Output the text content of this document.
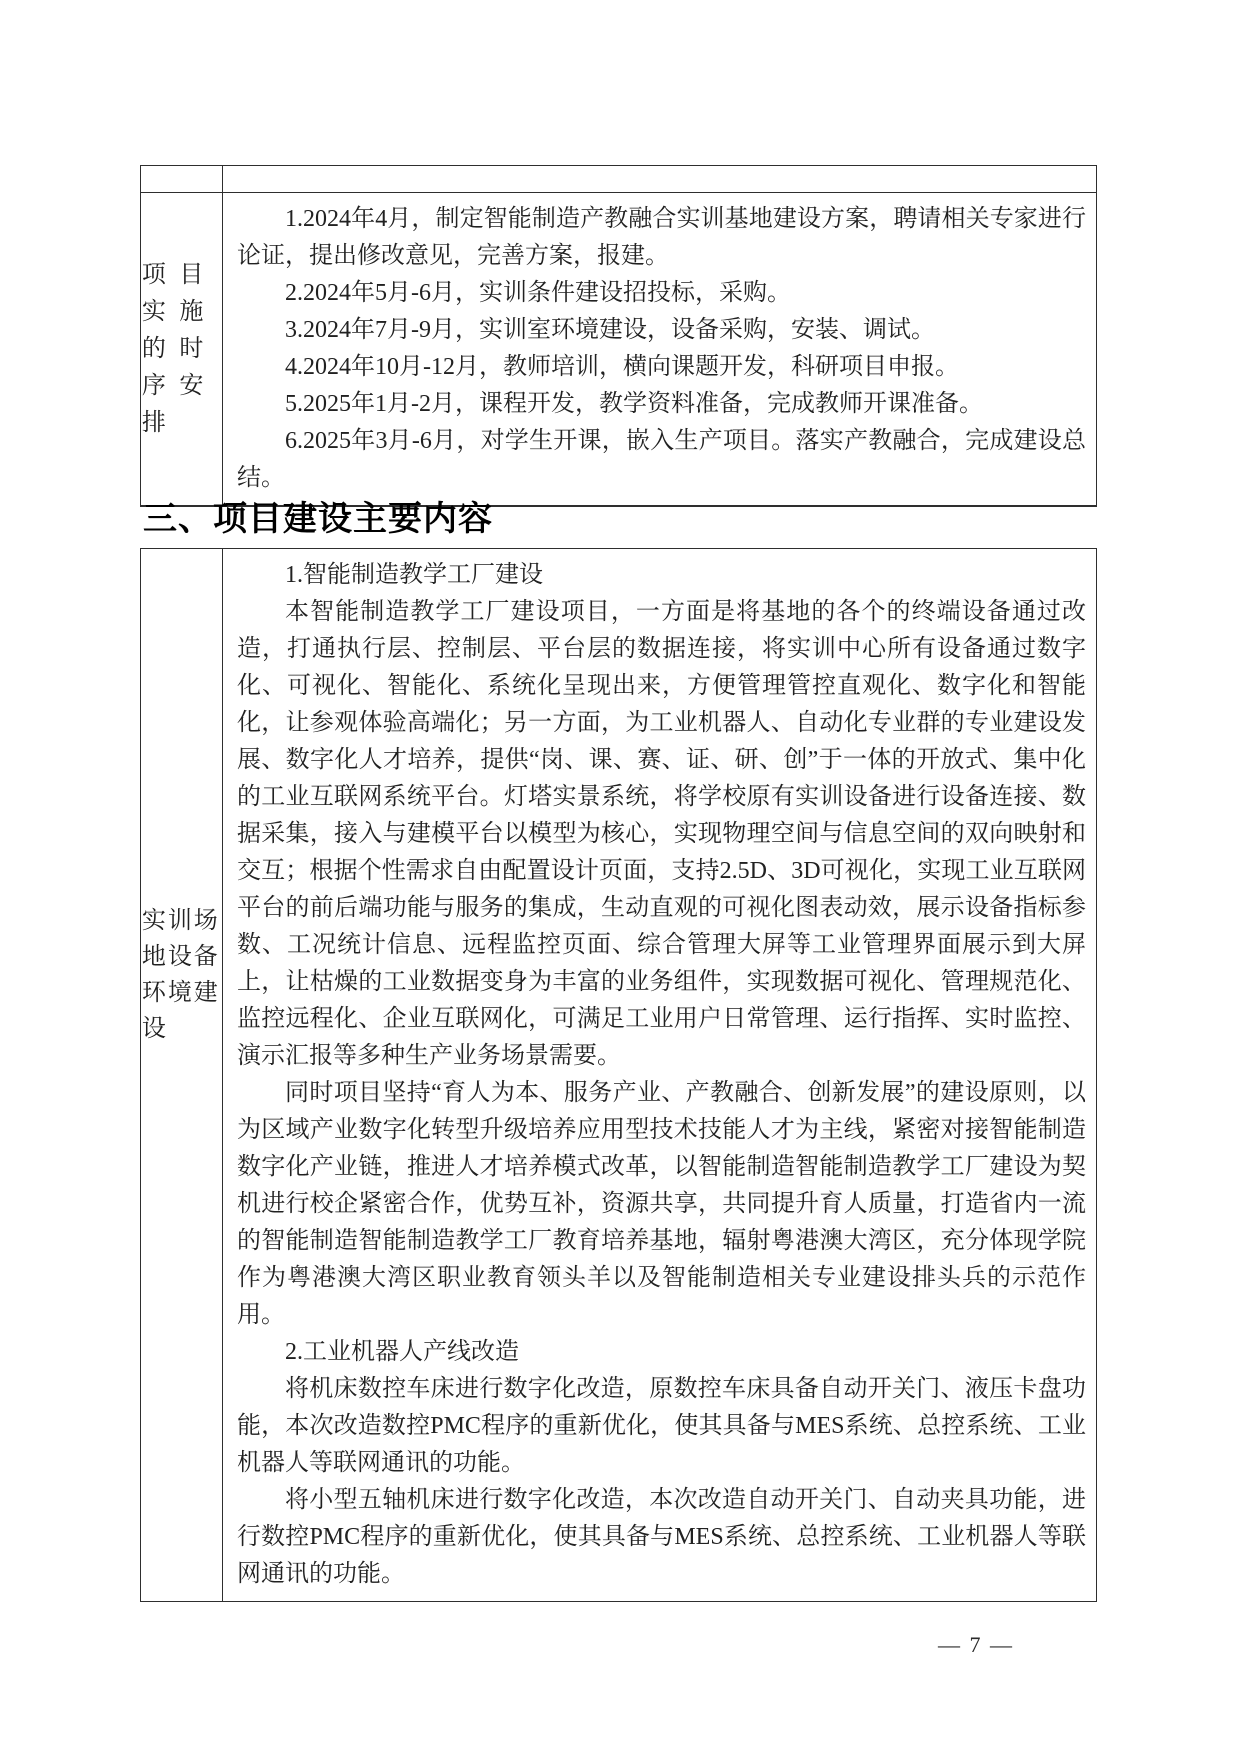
项目实施的时序安排

1.2024年4月，制定智能制造产教融合实训基地建设方案，聘请相关专家进行论证，提出修改意见，完善方案，报建。

2.2024年5月-6月，实训条件建设招投标，采购。

3.2024年7月-9月，实训室环境建设，设备采购，安装、调试。

4.2024年10月-12月，教师培训，横向课题开发，科研项目申报。

5.2025年1月-2月，课程开发，教学资料准备，完成教师开课准备。

6.2025年3月-6月，对学生开课，嵌入生产项目。落实产教融合，完成建设总结。

三、项目建设主要内容
实训场地设备环境建设

1.智能制造教学工厂建设

本智能制造教学工厂建设项目，一方面是将基地的各个的终端设备通过改造，打通执行层、控制层、平台层的数据连接，将实训中心所有设备通过数字化、可视化、智能化、系统化呈现出来，方便管理管控直观化、数字化和智能化，让参观体验高端化；另一方面，为工业机器人、自动化专业群的专业建设发展、数字化人才培养，提供“岗、课、赛、证、研、创”于一体的开放式、集中化的工业互联网系统平台。灯塔实景系统，将学校原有实训设备进行设备连接、数据采集，接入与建模平台以模型为核心，实现物理空间与信息空间的双向映射和交互；根据个性需求自由配置设计页面，支持2.5D、3D可视化，实现工业互联网平台的前后端功能与服务的集成，生动直观的可视化图表动效，展示设备指标参数、工况统计信息、远程监控页面、综合管理大屏等工业管理界面展示到大屏上，让枯燥的工业数据变身为丰富的业务组件，实现数据可视化、管理规范化、监控远程化、企业互联网化，可满足工业用户日常管理、运行指挥、实时监控、演示汇报等多种生产业务场景需要。

同时项目坚持“育人为本、服务产业、产教融合、创新发展”的建设原则，以为区域产业数字化转型升级培养应用型技术技能人才为主线，紧密对接智能制造数字化产业链，推进人才培养模式改革，以智能制造智能制造教学工厂建设为契机进行校企紧密合作，优势互补，资源共享，共同提升育人质量，打造省内一流的智能制造智能制造教学工厂教育培养基地，辐射粤港澳大湾区，充分体现学院作为粤港澳大湾区职业教育领头羊以及智能制造相关专业建设排头兵的示范作用。

2.工业机器人产线改造

将机床数控车床进行数字化改造，原数控车床具备自动开关门、液压卡盘功能，本次改造数控PMC程序的重新优化，使其具备与MES系统、总控系统、工业机器人等联网通讯的功能。

将小型五轴机床进行数字化改造，本次改造自动开关门、自动夹具功能，进行数控PMC程序的重新优化，使其具备与MES系统、总控系统、工业机器人等联网通讯的功能。

— 7 —
